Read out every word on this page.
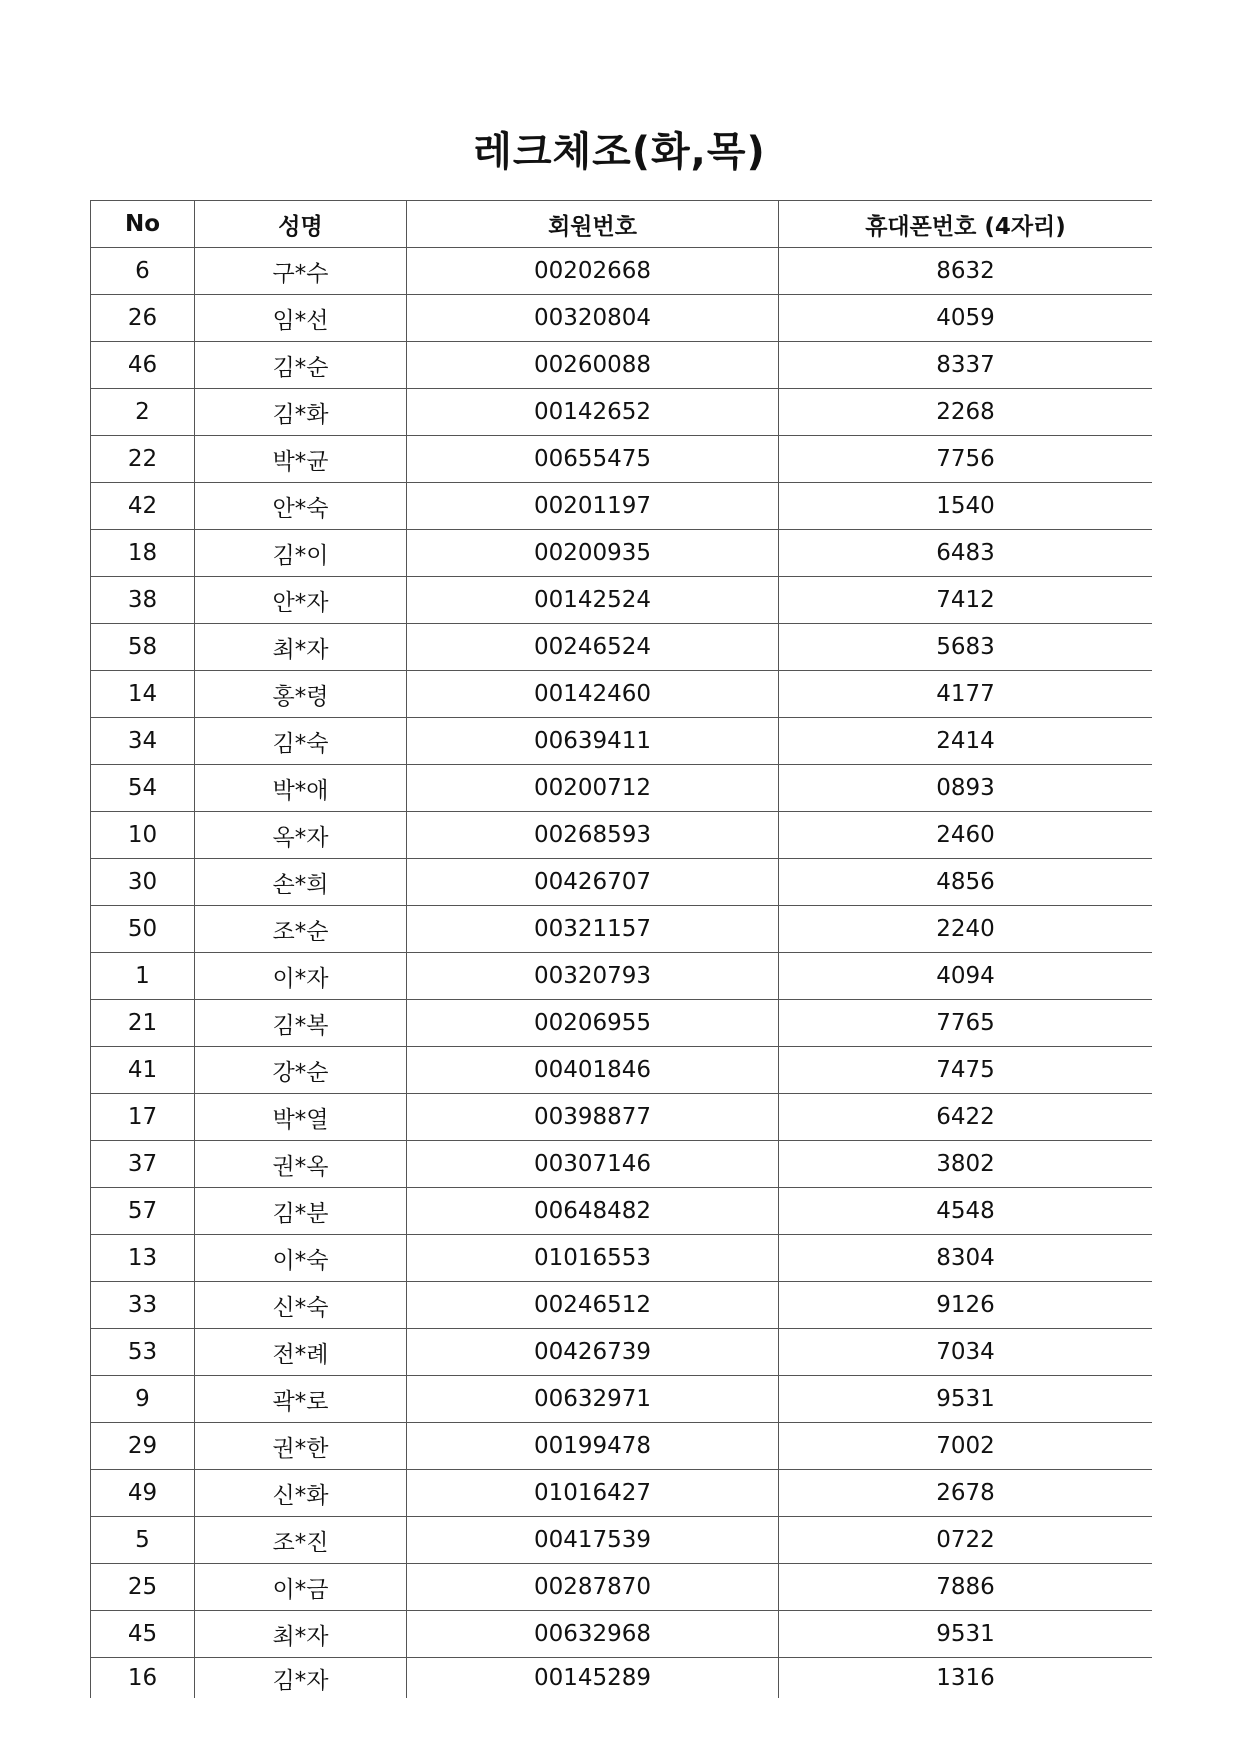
레크체조(화,목)
No	성명	회원번호	휴대폰번호 (4자리)
6	구*수	00202668	8632
26	임*선	00320804	4059
46	김*순	00260088	8337
2	김*화	00142652	2268
22	박*균	00655475	7756
42	안*숙	00201197	1540
18	김*이	00200935	6483
38	안*자	00142524	7412
58	최*자	00246524	5683
14	홍*령	00142460	4177
34	김*숙	00639411	2414
54	박*애	00200712	0893
10	옥*자	00268593	2460
30	손*희	00426707	4856
50	조*순	00321157	2240
1	이*자	00320793	4094
21	김*복	00206955	7765
41	강*순	00401846	7475
17	박*열	00398877	6422
37	권*옥	00307146	3802
57	김*분	00648482	4548
13	이*숙	01016553	8304
33	신*숙	00246512	9126
53	전*례	00426739	7034
9	곽*로	00632971	9531
29	권*한	00199478	7002
49	신*화	01016427	2678
5	조*진	00417539	0722
25	이*금	00287870	7886
45	최*자	00632968	9531
16	김*자	00145289	1316
